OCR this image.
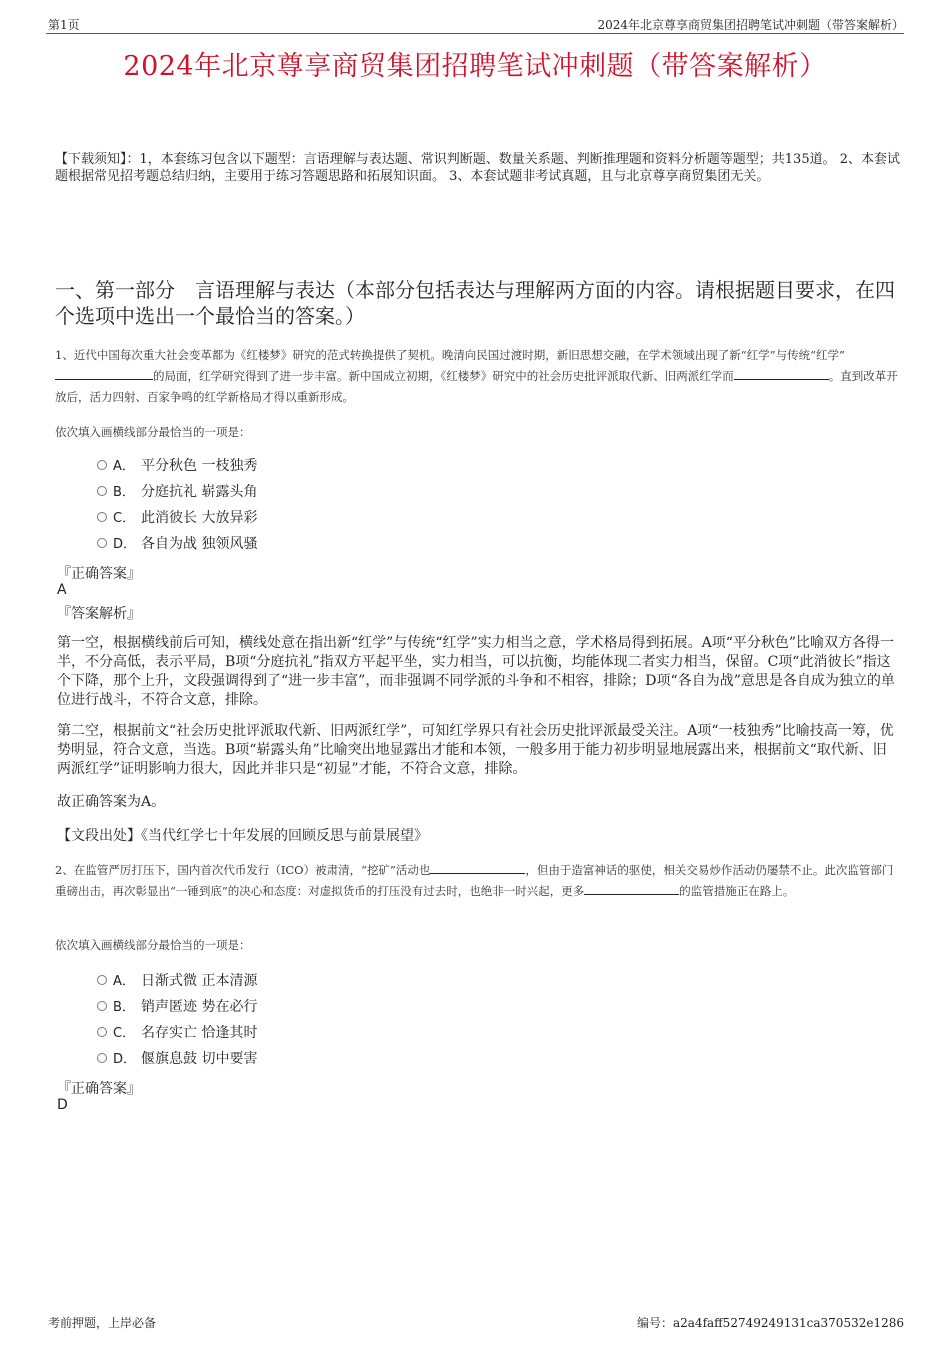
第1页	2024年北京尊享商贸集团招聘笔试冲刺题（带答案解析）
2024年北京尊享商贸集团招聘笔试冲刺题（带答案解析）
【下载须知】：1，本套练习包含以下题型：言语理解与表达题、常识判断题、数量关系题、判断推理题和资料分析题等题型；共135道。 2、本套试题根据常见招考题总结归纳，主要用于练习答题思路和拓展知识面。 3、本套试题非考试真题，且与北京尊享商贸集团无关。
一、第一部分　言语理解与表达（本部分包括表达与理解两方面的内容。请根据题目要求，在四个选项中选出一个最恰当的答案。）
1、近代中国每次重大社会变革都为《红楼梦》研究的范式转换提供了契机。晚清向民国过渡时期，新旧思想交融，在学术领域出现了新“红学”与传统“红学”的局面，红学研究得到了进一步丰富。新中国成立初期，《红楼梦》研究中的社会历史批评派取代新、旧两派红学而	。直到改革开放后，活力四射、百家争鸣的红学新格局才得以重新形成。
依次填入画横线部分最恰当的一项是：
A． 平分秋色 一枝独秀
B． 分庭抗礼 崭露头角
C． 此消彼长 大放异彩
D． 各自为战 独领风骚
『正确答案』
A
『答案解析』
第一空，根据横线前后可知，横线处意在指出新“红学”与传统“红学”实力相当之意，学术格局得到拓展。A项“平分秋色”比喻双方各得一半，不分高低，表示平局，B项“分庭抗礼”指双方平起平坐，实力相当，可以抗衡，均能体现二者实力相当，保留。C项“此消彼长”指这个下降，那个上升，文段强调得到了“进一步丰富”，而非强调不同学派的斗争和不相容，排除；D项“各自为战”意思是各自成为独立的单位进行战斗，不符合文意，排除。
第二空，根据前文“社会历史批评派取代新、旧两派红学”，可知红学界只有社会历史批评派最受关注。A项“一枝独秀”比喻技高一筹，优势明显，符合文意，当选。B项“崭露头角”比喻突出地显露出才能和本领，一般多用于能力初步明显地展露出来，根据前文“取代新、旧两派红学”证明影响力很大，因此并非只是“初显”才能，不符合文意，排除。
故正确答案为A。
【文段出处】《当代红学七十年发展的回顾反思与前景展望》
2、在监管严厉打压下，国内首次代币发行（ICO）被肃清，“挖矿”活动也	，但由于造富神话的驱使，相关交易炒作活动仍屡禁不止。此次监管部门重磅出击，再次彰显出“一锤到底”的决心和态度：对虚拟货币的打压没有过去时，也绝非一时兴起，更多	的监管措施正在路上。
依次填入画横线部分最恰当的一项是：
A． 日渐式微 正本清源
B． 销声匿迹 势在必行
C． 名存实亡 恰逢其时
D． 偃旗息鼓 切中要害
『正确答案』
D
考前押题，上岸必备	编号：a2a4faff52749249131ca370532e1286
